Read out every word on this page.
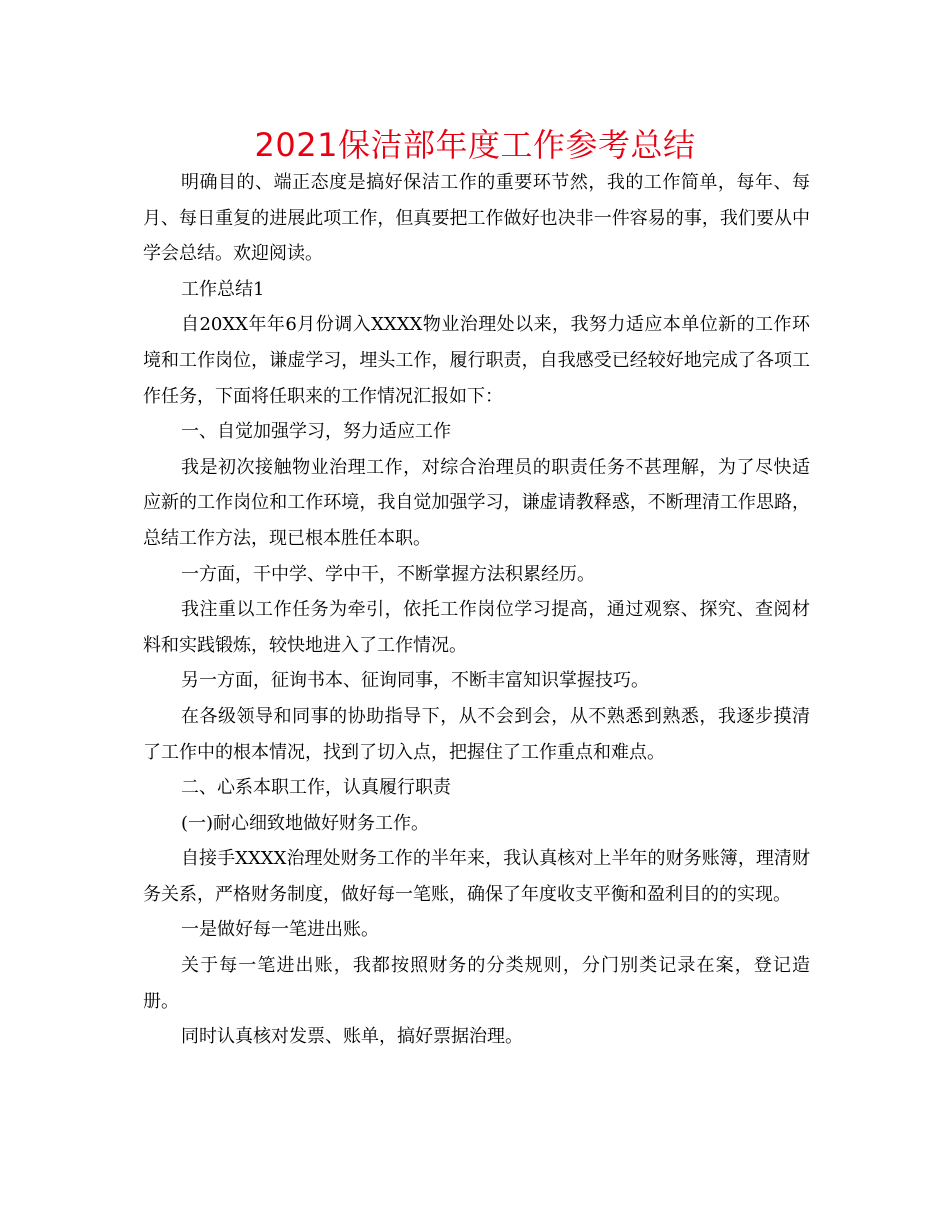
2021保洁部年度工作参考总结

明确目的、端正态度是搞好保洁工作的重要环节然，我的工作简单，每年、每月、每日重复的进展此项工作，但真要把工作做好也决非一件容易的事，我们要从中学会总结。欢迎阅读。

工作总结1

自20XX年年6月份调入XXXX物业治理处以来，我努力适应本单位新的工作环境和工作岗位，谦虚学习，埋头工作，履行职责，自我感受已经较好地完成了各项工作任务，下面将任职来的工作情况汇报如下：

一、自觉加强学习，努力适应工作

我是初次接触物业治理工作，对综合治理员的职责任务不甚理解，为了尽快适应新的工作岗位和工作环境，我自觉加强学习，谦虚请教释惑，不断理清工作思路，总结工作方法，现已根本胜任本职。

一方面，干中学、学中干，不断掌握方法积累经历。

我注重以工作任务为牵引，依托工作岗位学习提高，通过观察、探究、查阅材料和实践锻炼，较快地进入了工作情况。

另一方面，征询书本、征询同事，不断丰富知识掌握技巧。

在各级领导和同事的协助指导下，从不会到会，从不熟悉到熟悉，我逐步摸清了工作中的根本情况，找到了切入点，把握住了工作重点和难点。

二、心系本职工作，认真履行职责

(一)耐心细致地做好财务工作。

自接手XXXX治理处财务工作的半年来，我认真核对上半年的财务账簿，理清财务关系，严格财务制度，做好每一笔账，确保了年度收支平衡和盈利目的的实现。

一是做好每一笔进出账。

关于每一笔进出账，我都按照财务的分类规则，分门别类记录在案，登记造册。

同时认真核对发票、账单，搞好票据治理。
